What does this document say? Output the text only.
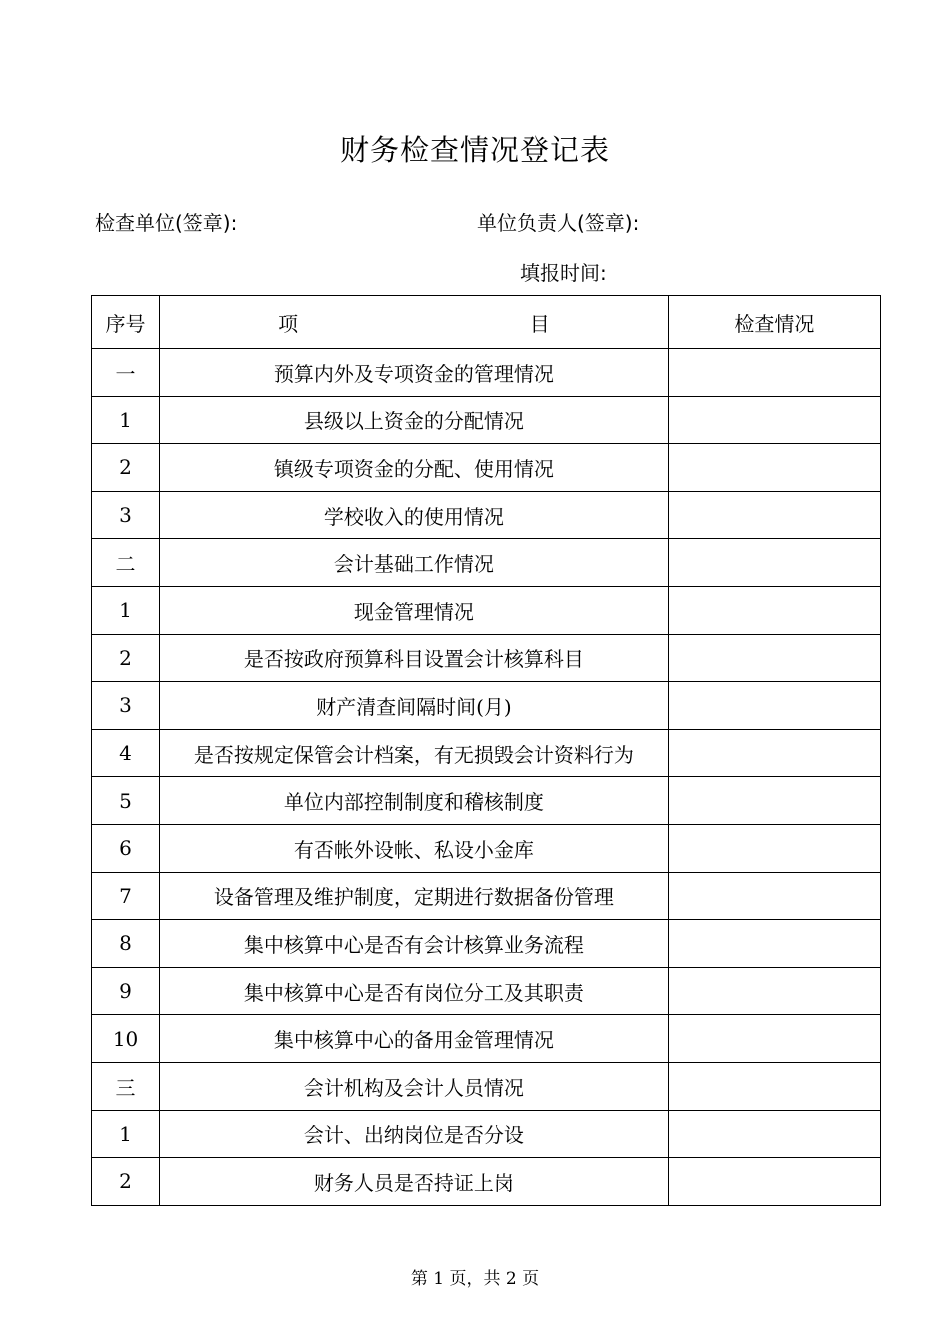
财务检查情况登记表
检查单位(签章):	单位负责人(签章):
填报时间:
序号	项 目	检查情况
一	预算内外及专项资金的管理情况	
1	县级以上资金的分配情况	
2	镇级专项资金的分配、使用情况	
3	学校收入的使用情况	
二	会计基础工作情况	
1	现金管理情况	
2	是否按政府预算科目设置会计核算科目	
3	财产清查间隔时间(月)	
4	是否按规定保管会计档案，有无损毁会计资料行为	
5	单位内部控制制度和稽核制度	
6	有否帐外设帐、私设小金库	
7	设备管理及维护制度，定期进行数据备份管理	
8	集中核算中心是否有会计核算业务流程	
9	集中核算中心是否有岗位分工及其职责	
10	集中核算中心的备用金管理情况	
三	会计机构及会计人员情况	
1	会计、出纳岗位是否分设	
2	财务人员是否持证上岗	
第 1 页，共 2 页
